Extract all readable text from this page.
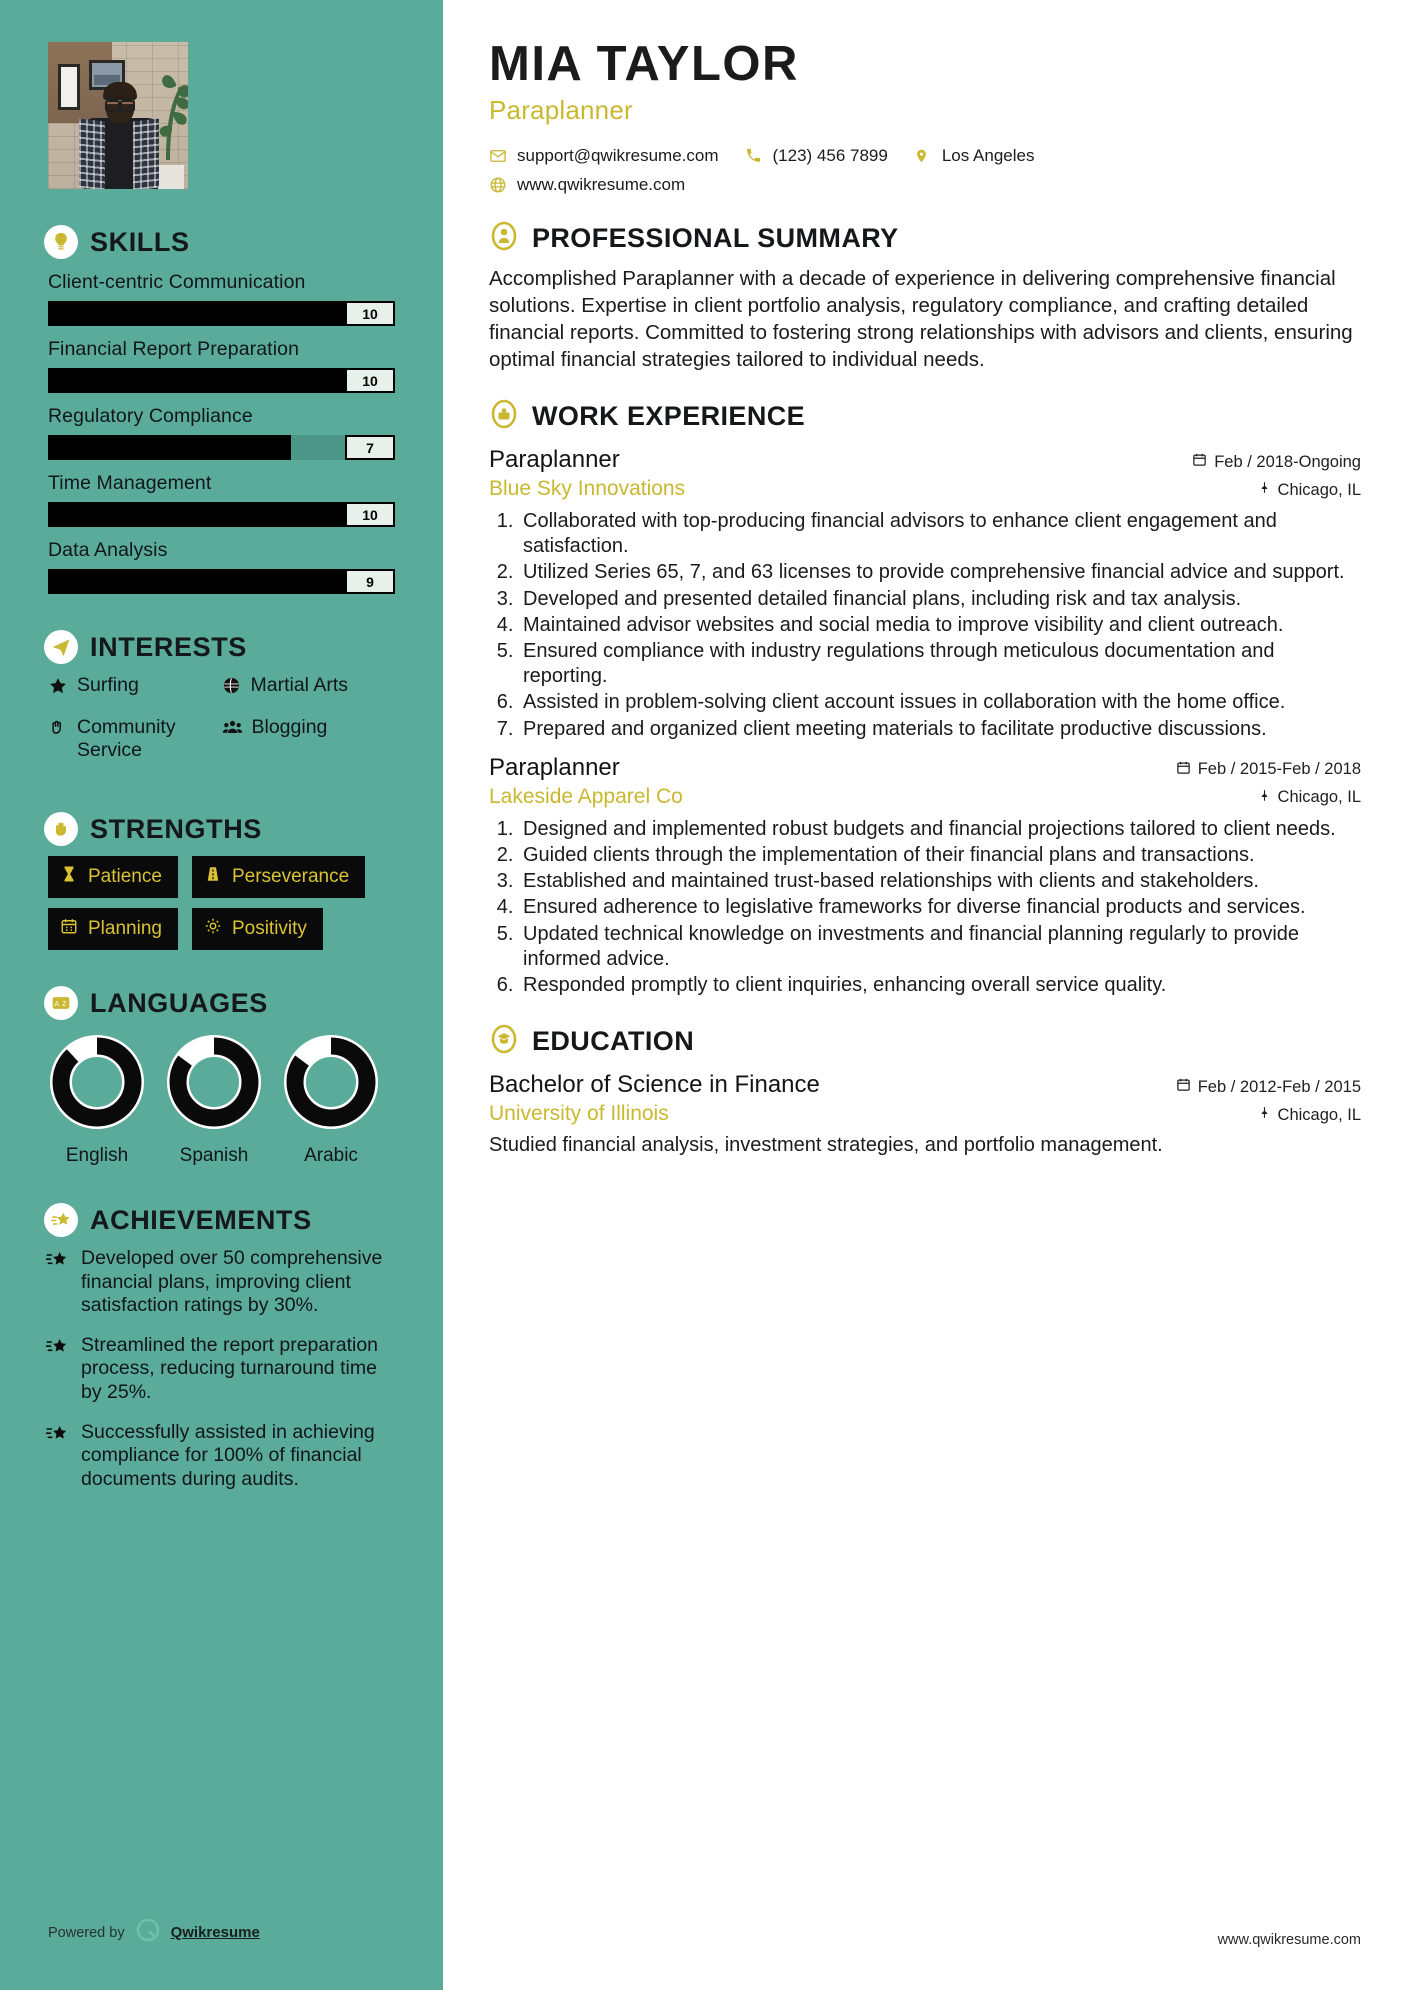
SKILLS
Client-centric Communication
10
Financial Report Preparation
10
Regulatory Compliance
7
Time Management
10
Data Analysis
9
INTERESTS
Surfing	Martial Arts
Community Service
Blogging
STRENGTHS
Patience	Perseverance
Planning	Positivity
A Z LANGUAGES
English	Spanish	Arabic
ACHIEVEMENTS
Developed over 50 comprehensive financial plans, improving client satisfaction ratings by 30%.
Streamlined the report preparation process, reducing turnaround time by 25%.
Successfully assisted in achieving compliance for 100% of financial documents during audits.
Powered by	Qwikresume
MIA TAYLOR
Paraplanner
support@qwikresume.com	(123) 456 7899	Los Angeles
www.qwikresume.com
PROFESSIONAL SUMMARY

Accomplished Paraplanner with a decade of experience in delivering comprehensive financial solutions. Expertise in client portfolio analysis, regulatory compliance, and crafting detailed financial reports. Committed to fostering strong relationships with advisors and clients, ensuring optimal financial strategies tailored to individual needs.

WORK EXPERIENCE
Paraplanner	Feb / 2018-Ongoing
Blue Sky Innovations	Chicago, IL
1. Collaborated with top-producing financial advisors to enhance client engagement and satisfaction.
2. Utilized Series 65, 7, and 63 licenses to provide comprehensive financial advice and support.
3. Developed and presented detailed financial plans, including risk and tax analysis.
4. Maintained advisor websites and social media to improve visibility and client outreach.
5. Ensured compliance with industry regulations through meticulous documentation and reporting.
6. Assisted in problem-solving client account issues in collaboration with the home office.
7. Prepared and organized client meeting materials to facilitate productive discussions.
Paraplanner	Feb / 2015-Feb / 2018
Lakeside Apparel Co	Chicago, IL
1. Designed and implemented robust budgets and financial projections tailored to client needs.
2. Guided clients through the implementation of their financial plans and transactions.
3. Established and maintained trust-based relationships with clients and stakeholders.
4. Ensured adherence to legislative frameworks for diverse financial products and services.
5. Updated technical knowledge on investments and financial planning regularly to provide informed advice.
6. Responded promptly to client inquiries, enhancing overall service quality.
EDUCATION
Bachelor of Science in Finance	Feb / 2012-Feb / 2015
University of Illinois	Chicago, IL
Studied financial analysis, investment strategies, and portfolio management.
www.qwikresume.com
